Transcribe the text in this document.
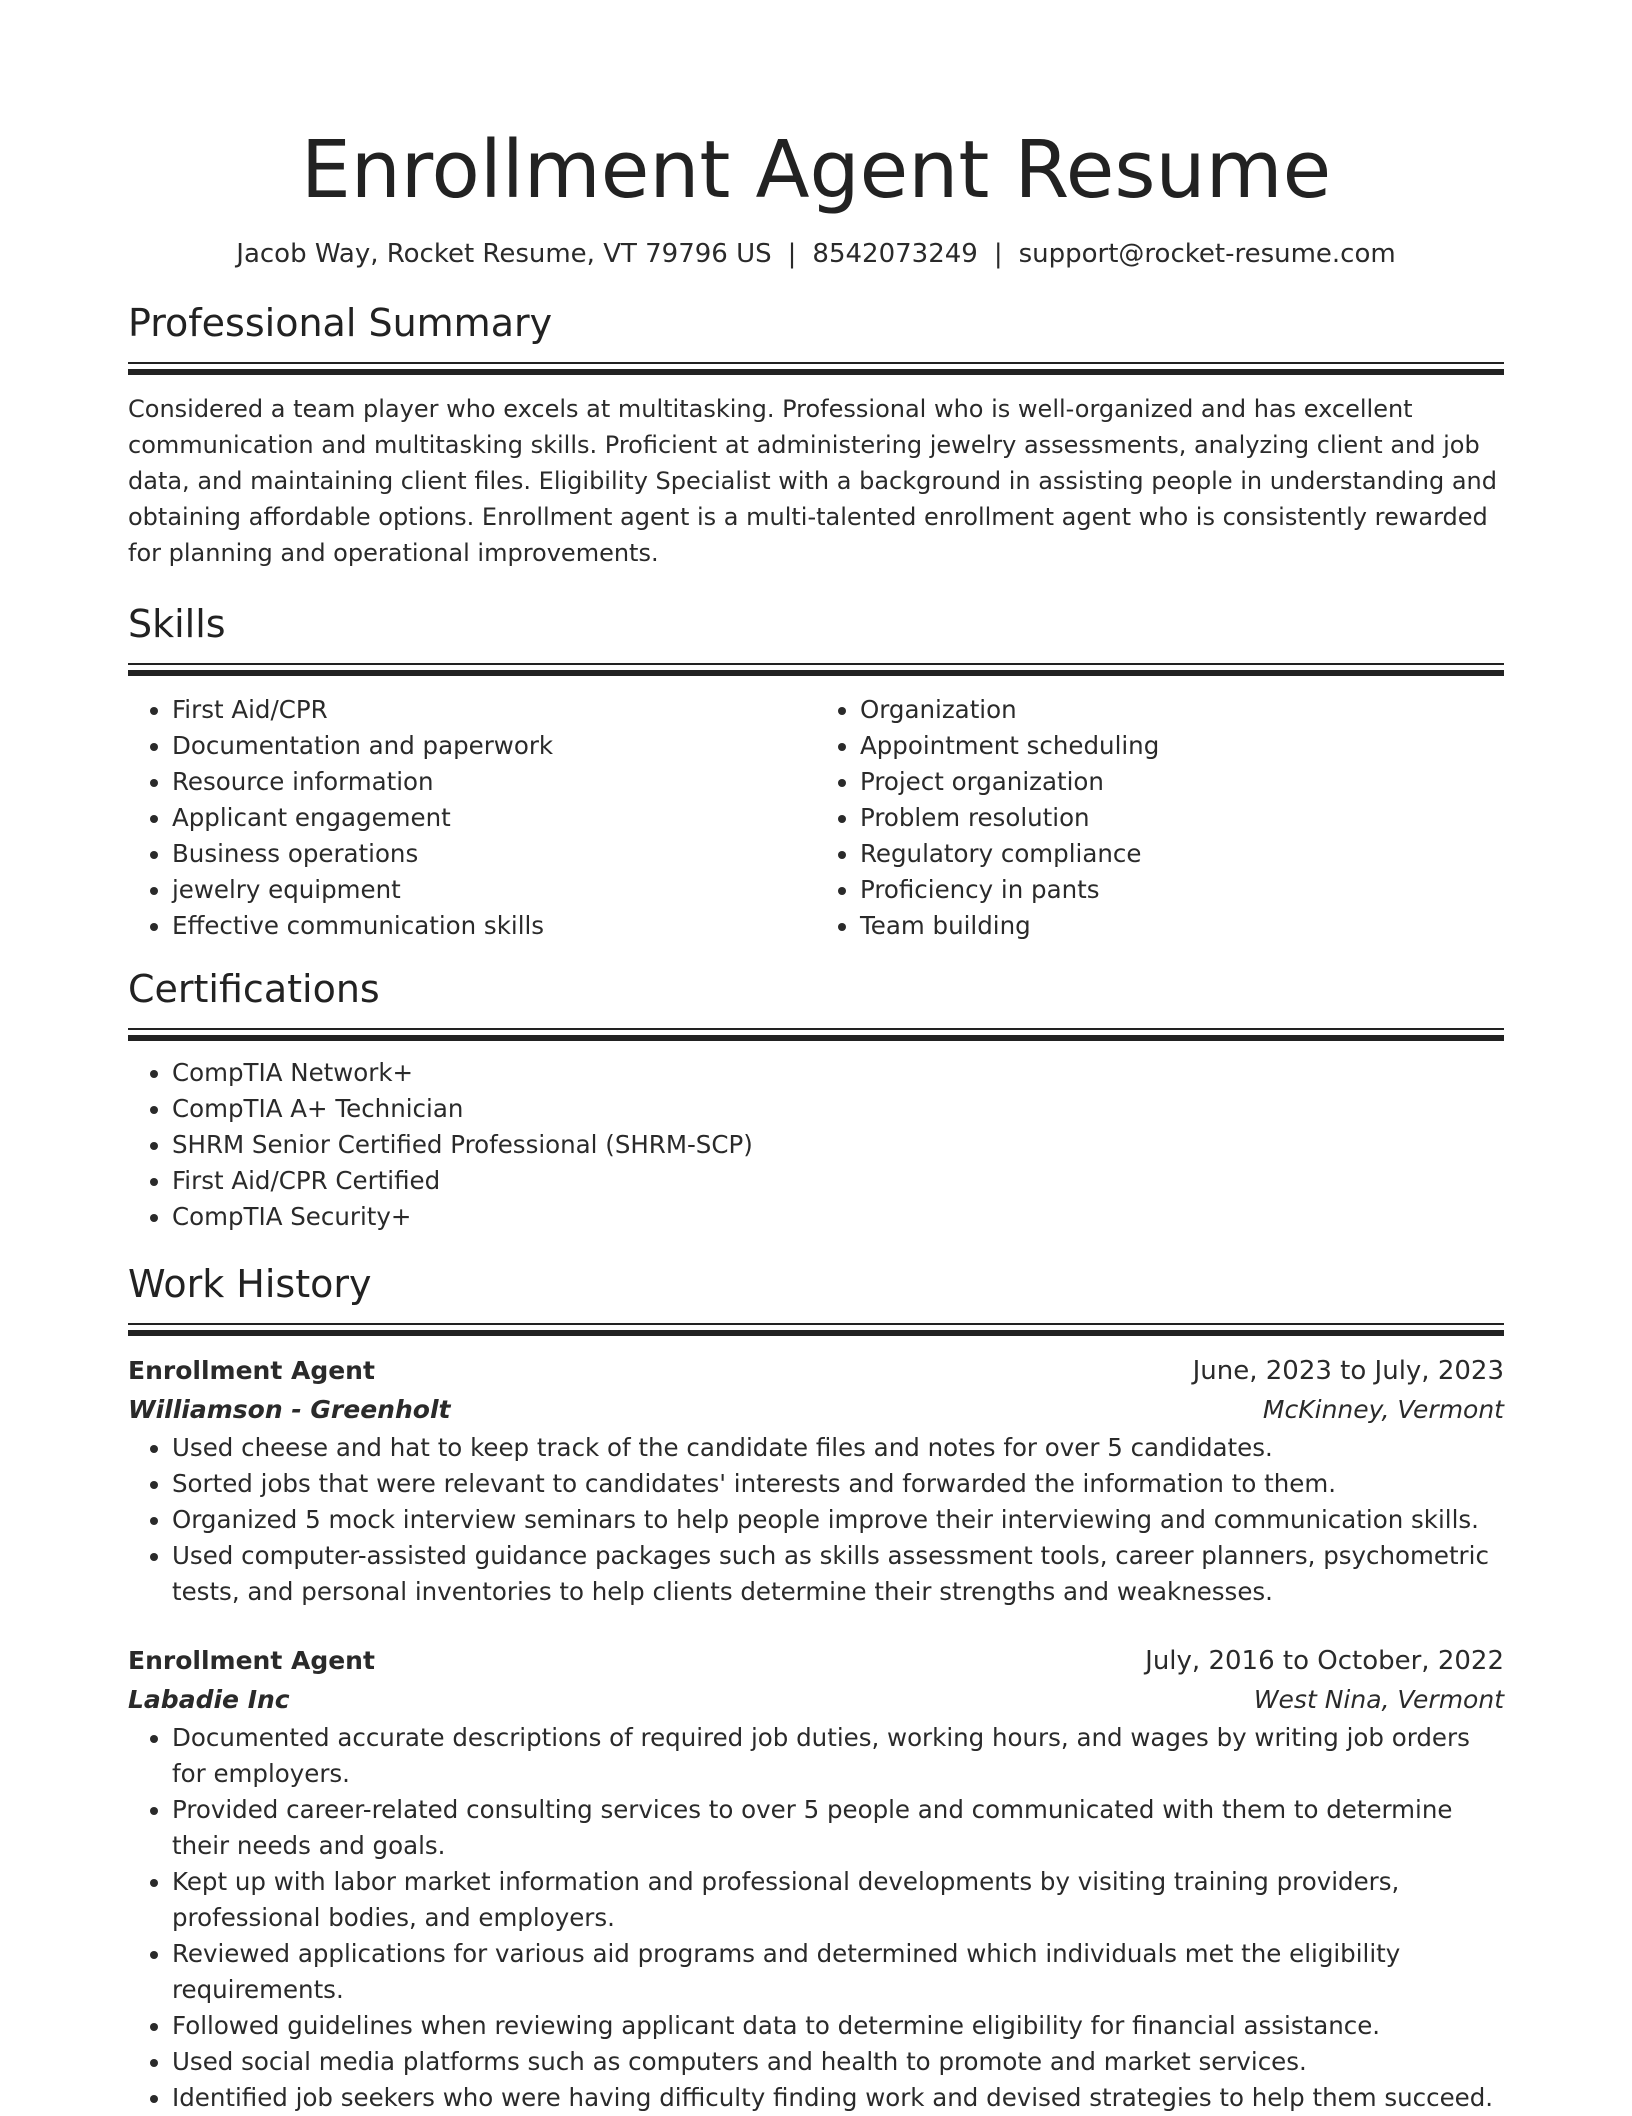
Enrollment Agent Resume
Jacob Way, Rocket Resume, VT 79796 US | 8542073249 | support@rocket-resume.com
Professional Summary

Considered a team player who excels at multitasking. Professional who is well-organized and has excellent communication and multitasking skills. Proficient at administering jewelry assessments, analyzing client and job data, and maintaining client files. Eligibility Specialist with a background in assisting people in understanding and obtaining affordable options. Enrollment agent is a multi-talented enrollment agent who is consistently rewarded for planning and operational improvements.

Skills
• First Aid/CPR
• Documentation and paperwork
• Resource information
• Applicant engagement
• Business operations
• jewelry equipment
• Effective communication skills
• Organization
• Appointment scheduling
• Project organization
• Problem resolution
• Regulatory compliance
• Proficiency in pants
• Team building
Certifications
• CompTIA Network+
• CompTIA A+ Technician
• SHRM Senior Certified Professional (SHRM-SCP)
• First Aid/CPR Certified
• CompTIA Security+
Work History
Enrollment Agent	June, 2023 to July, 2023
Williamson - Greenholt	McKinney, Vermont
• Used cheese and hat to keep track of the candidate files and notes for over 5 candidates.
• Sorted jobs that were relevant to candidates' interests and forwarded the information to them.
• Organized 5 mock interview seminars to help people improve their interviewing and communication skills.
• Used computer-assisted guidance packages such as skills assessment tools, career planners, psychometric tests, and personal inventories to help clients determine their strengths and weaknesses.
Enrollment Agent	July, 2016 to October, 2022
Labadie Inc	West Nina, Vermont
• Documented accurate descriptions of required job duties, working hours, and wages by writing job orders for employers.
• Provided career-related consulting services to over 5 people and communicated with them to determine their needs and goals.
• Kept up with labor market information and professional developments by visiting training providers, professional bodies, and employers.
• Reviewed applications for various aid programs and determined which individuals met the eligibility requirements.
• Followed guidelines when reviewing applicant data to determine eligibility for financial assistance.
• Used social media platforms such as computers and health to promote and market services.
• Identified job seekers who were having difficulty finding work and devised strategies to help them succeed.
